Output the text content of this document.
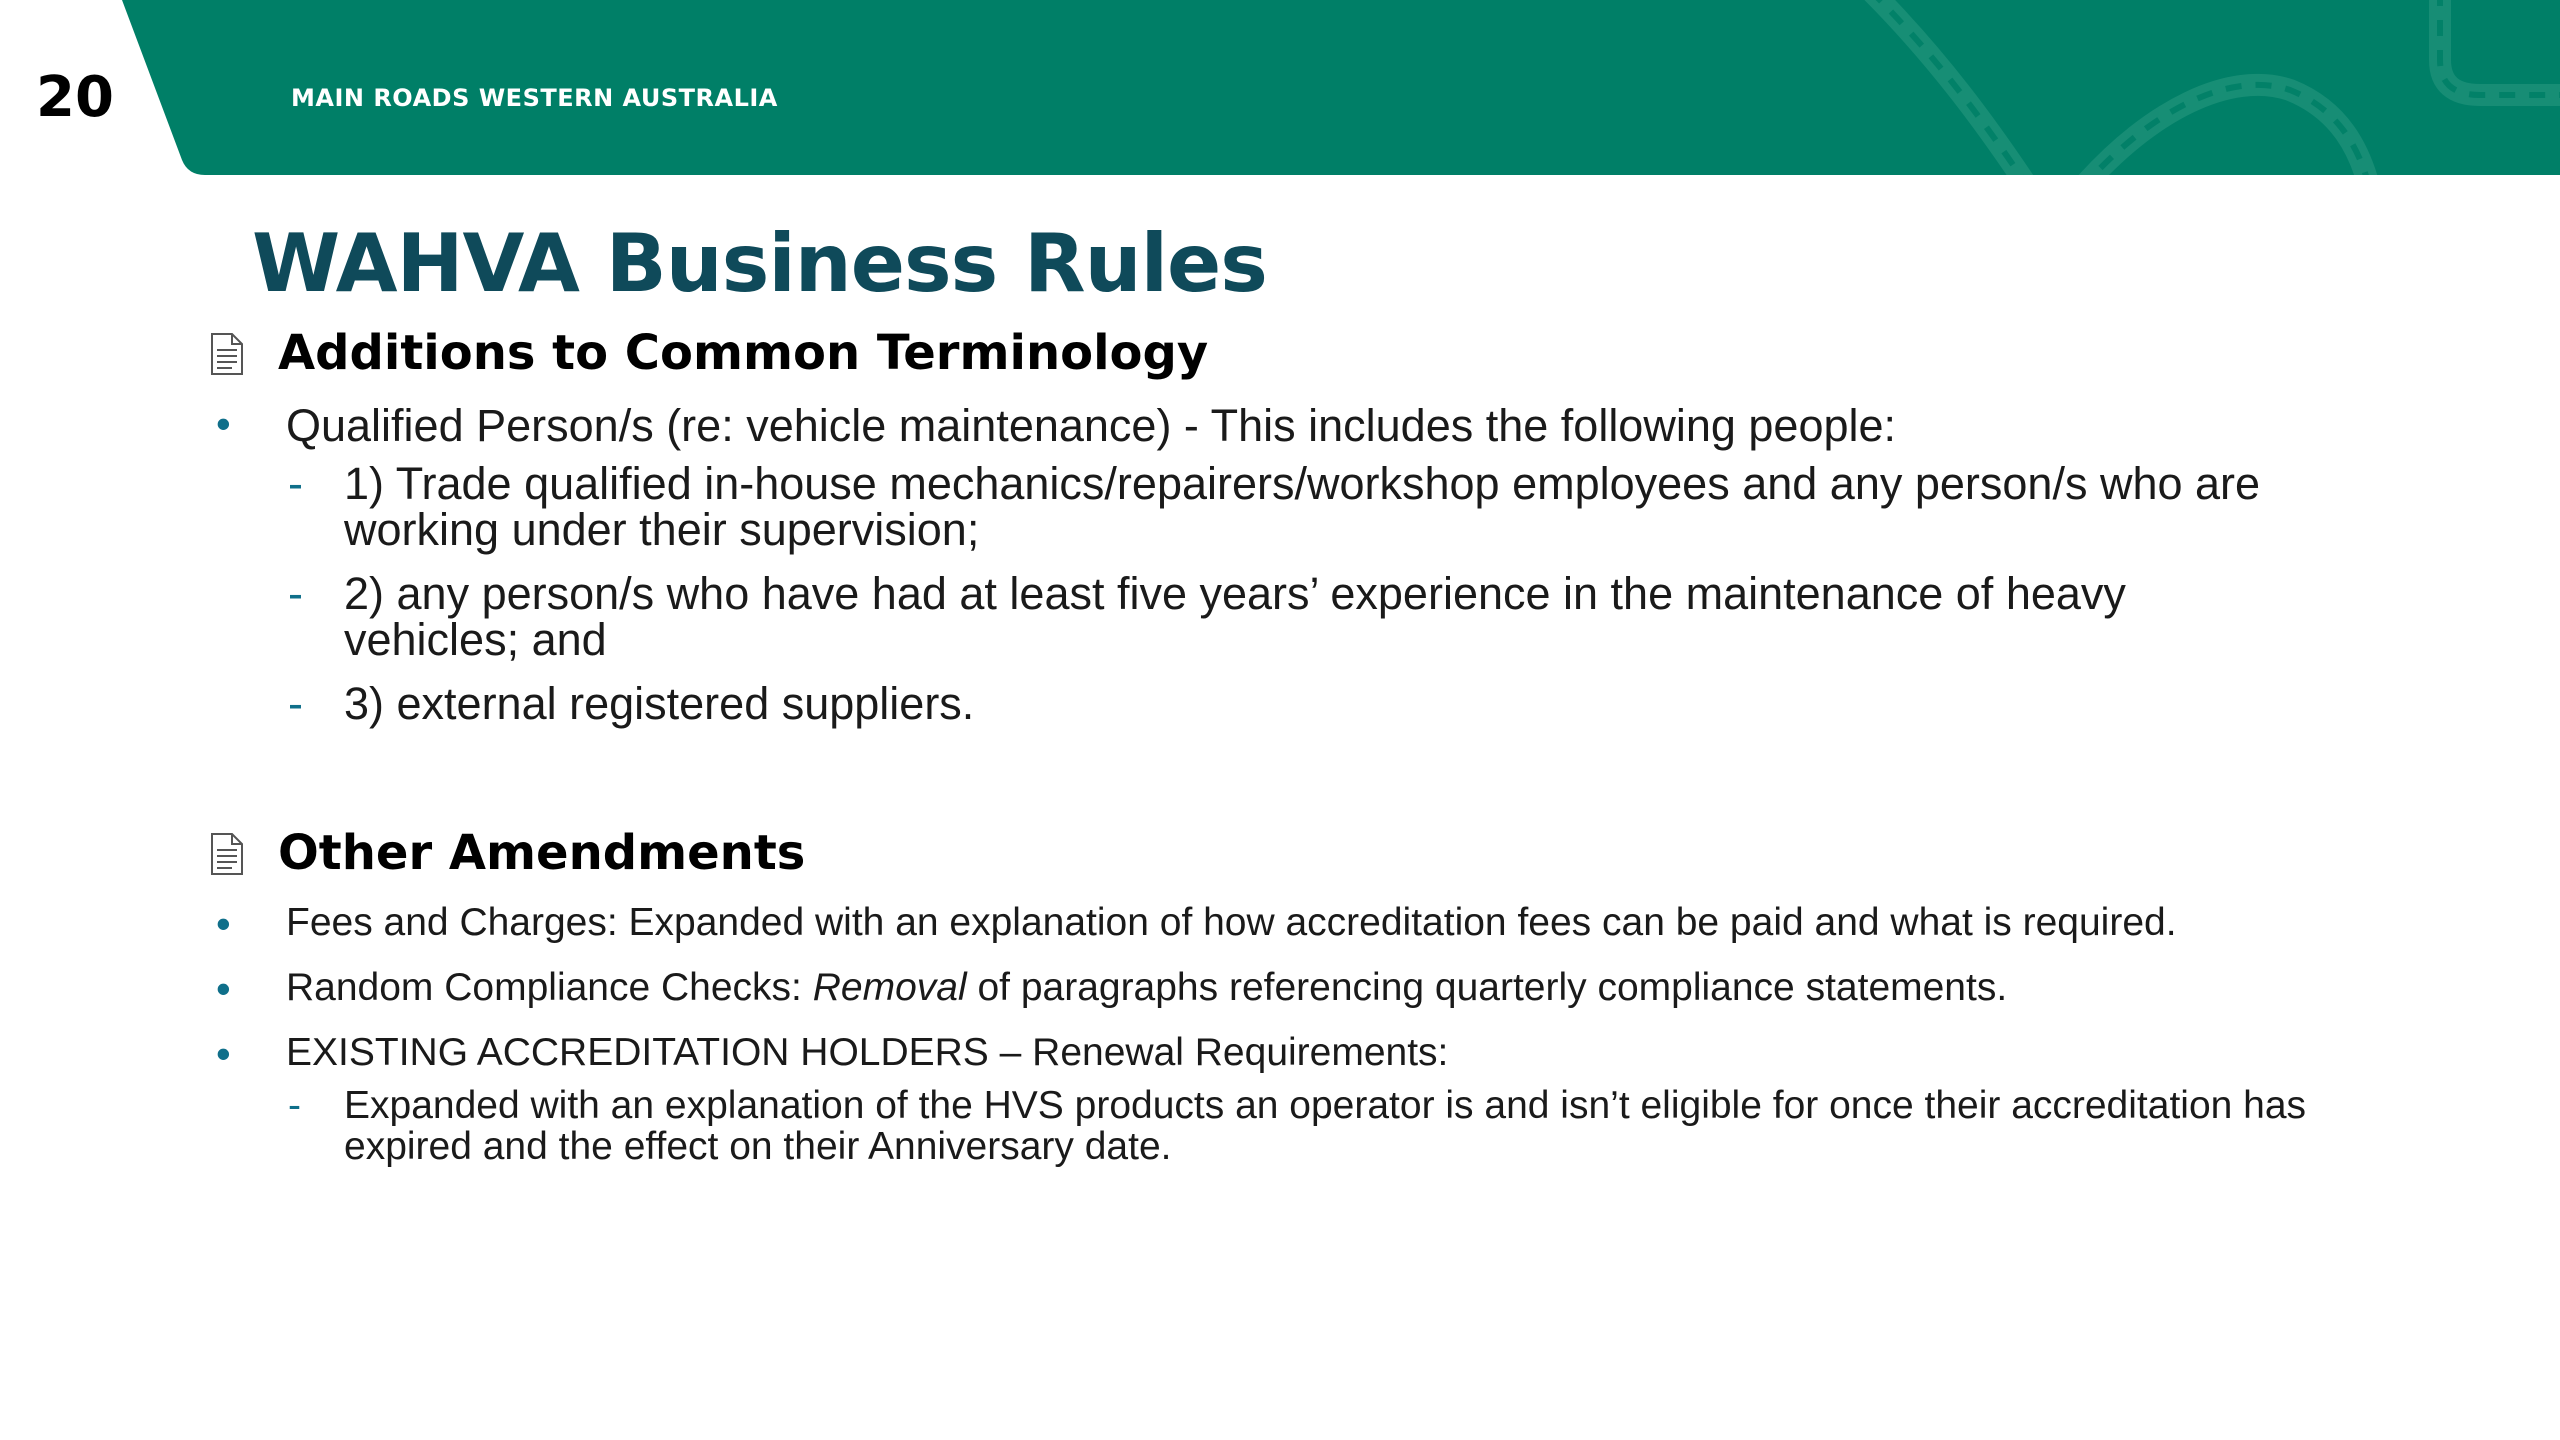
20	MAIN ROADS WESTERN AUSTRALIA
WAHVA Business Rules
Additions to Common Terminology
• Qualified Person/s (re: vehicle maintenance) - This includes the following people:
- 1) Trade qualified in-house mechanics/repairers/workshop employees and any person/s who are working under their supervision;
- 2) any person/s who have had at least five years’ experience in the maintenance of heavy vehicles; and
- 3) external registered suppliers.
Other Amendments
• Fees and Charges: Expanded with an explanation of how accreditation fees can be paid and what is required.
• Random Compliance Checks: Removal of paragraphs referencing quarterly compliance statements.
• EXISTING ACCREDITATION HOLDERS – Renewal Requirements:
- Expanded with an explanation of the HVS products an operator is and isn’t eligible for once their accreditation has expired and the effect on their Anniversary date.
